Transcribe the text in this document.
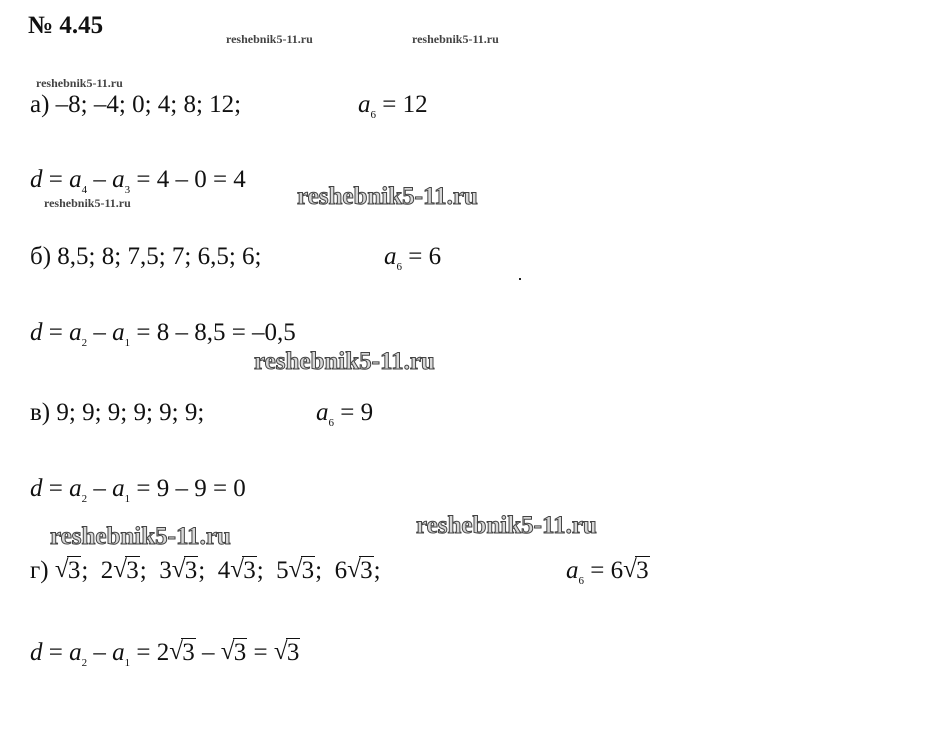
№ 4.45	reshebnik5-11.ru	reshebnik5-11.ru
reshebnik5-11.ru
reshebnik5-11.ru	reshebnik5-11.ru
reshebnik5-11.ru
reshebnik5-11.ru	reshebnik5-11.ru
а) –8; –4; 0; 4; 8; 12;	$a_6 = 12$
$d = a_4 - a_3 = 4 - 0 = 4$
б) 8,5; 8; 7,5; 7; 6,5; 6;	$a_6 = 6$
$d = a_2 - a_1 = 8 - 8,5 = -0,5$
в) 9; 9; 9; 9; 9; 9;	$a_6 = 9$
$d = a_2 - a_1 = 9 - 9 = 0$
г) √ 3; 2 √ 3; 3 √ 3; 4 √ 3; 5 √ 3; 6 √ 3;	$a_6 = 6$ √ 3
$d = a_2 - a_1 = 2$ √ 3 – √ 3 = √ 3
